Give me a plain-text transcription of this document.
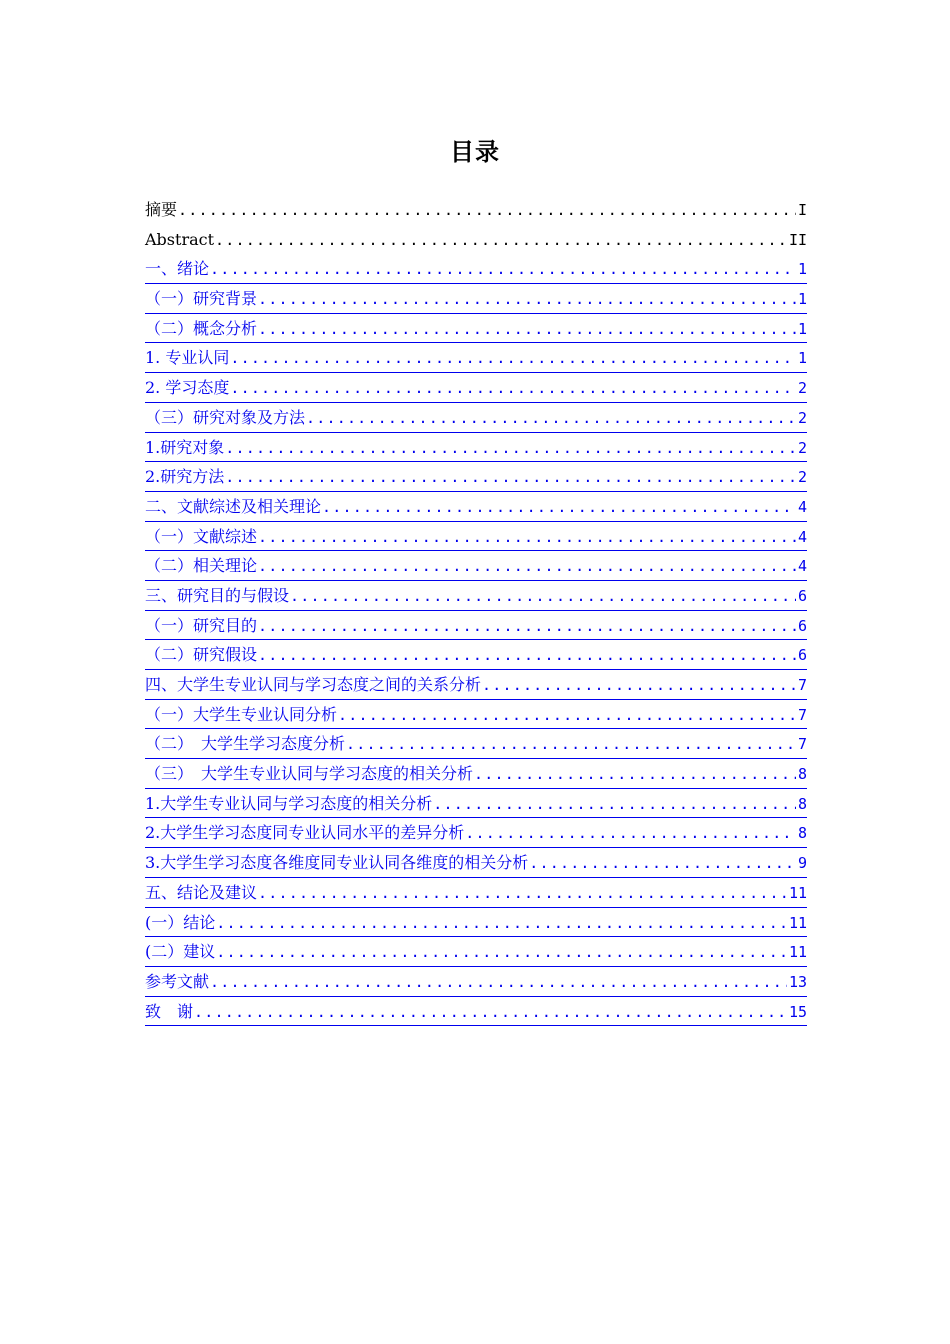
目录
摘要 .....	I
Abstract .....	II
一、绪论 .....	1
（一）研究背景 .....	1
（二）概念分析 .....	1
1. 专业认同 .....	1
2. 学习态度 .....	2
（三）研究对象及方法 .....	2
1.研究对象 .....	2
2.研究方法 .....	2
二、文献综述及相关理论 .....	4
（一）文献综述 .....	4
（二）相关理论 .....	4
三、研究目的与假设 .....	6
（一）研究目的 .....	6
（二）研究假设 .....	6
四、大学生专业认同与学习态度之间的关系分析 .....	7
（一）大学生专业认同分析 .....	7
（二）　大学生学习态度分析 .....	7
（三）　大学生专业认同与学习态度的相关分析 .....	8
1.大学生专业认同与学习态度的相关分析 .....	8
2.大学生学习态度同专业认同水平的差异分析 .....	8
3.大学生学习态度各维度同专业认同各维度的相关分析 .....	9
五、结论及建议 .....	11
(一）结论 .....	11
(二）建议 .....	11
参考文献 .....	13
致　谢 .....	15
